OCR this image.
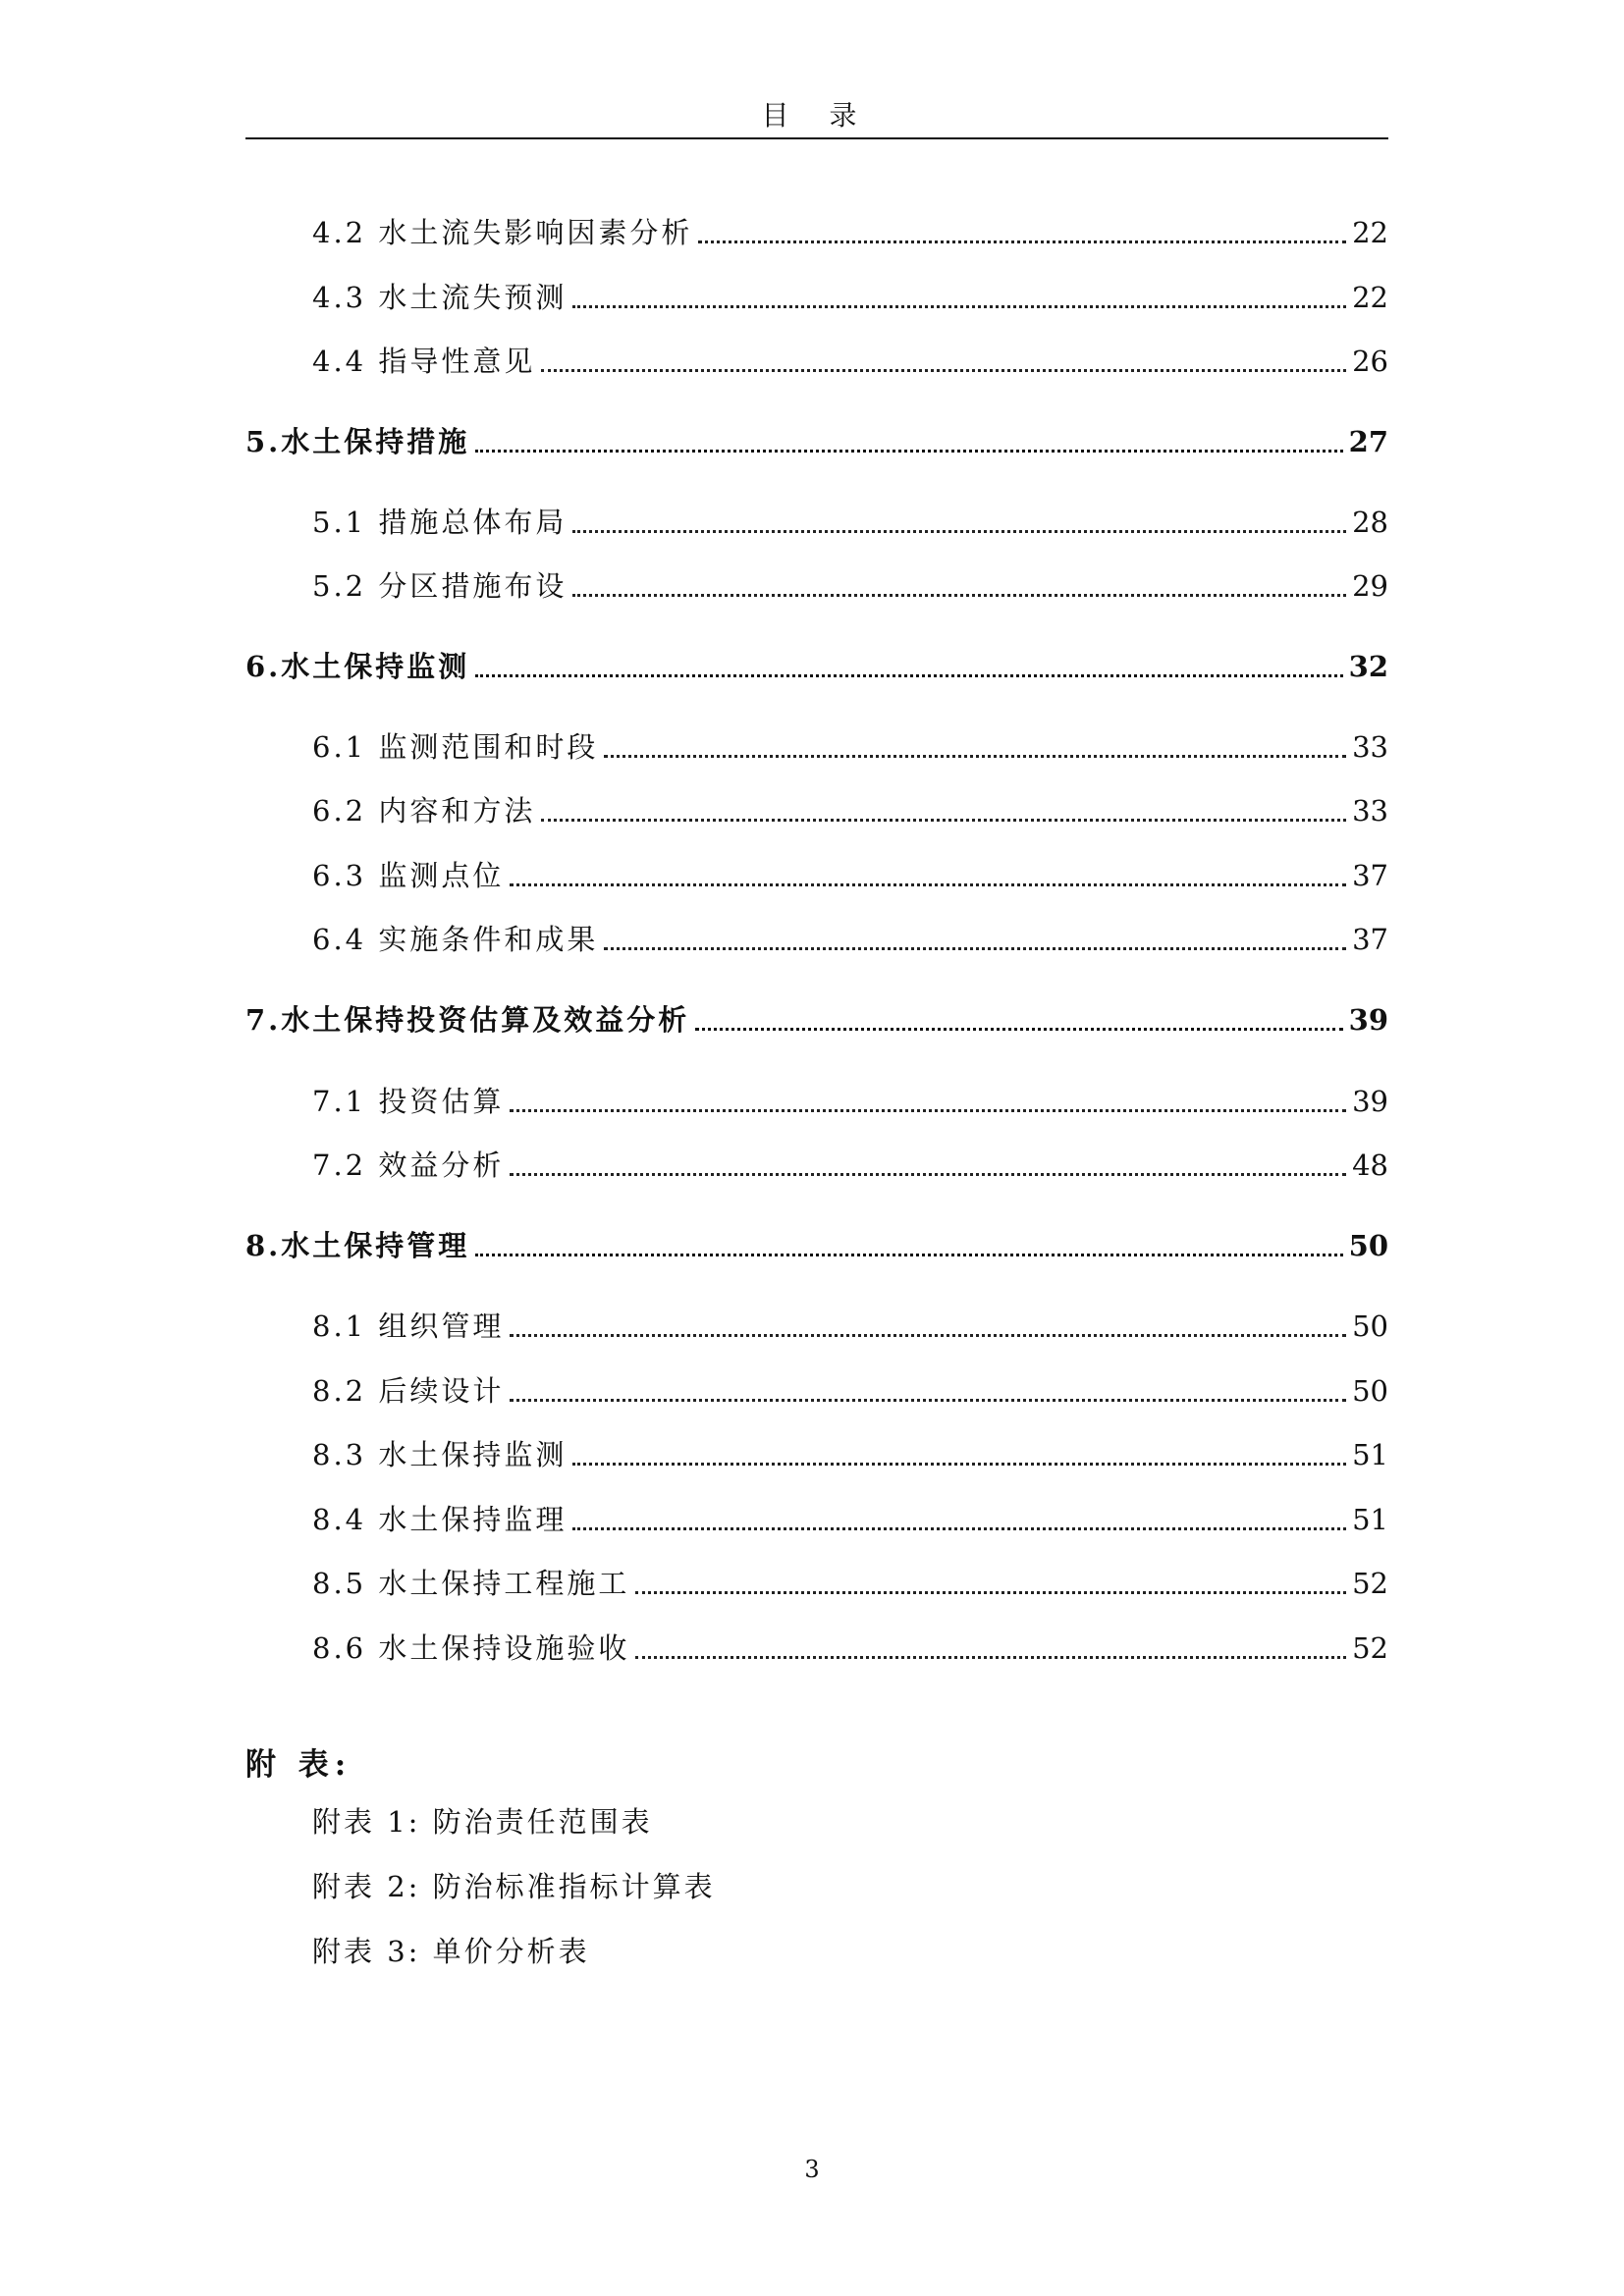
目 录
4.2 水土流失影响因素分析	22
4.3 水土流失预测	22
4.4 指导性意见	26
5.水土保持措施	27
5.1 措施总体布局	28
5.2 分区措施布设	29
6.水土保持监测	32
6.1 监测范围和时段	33
6.2 内容和方法	33
6.3 监测点位	37
6.4 实施条件和成果	37
7.水土保持投资估算及效益分析	39
7.1 投资估算	39
7.2 效益分析	48
8.水土保持管理	50
8.1 组织管理	50
8.2 后续设计	50
8.3 水土保持监测	51
8.4 水土保持监理	51
8.5 水土保持工程施工	52
8.6 水土保持设施验收	52
附 表:
附表 1: 防治责任范围表
附表 2: 防治标准指标计算表
附表 3: 单价分析表
3
